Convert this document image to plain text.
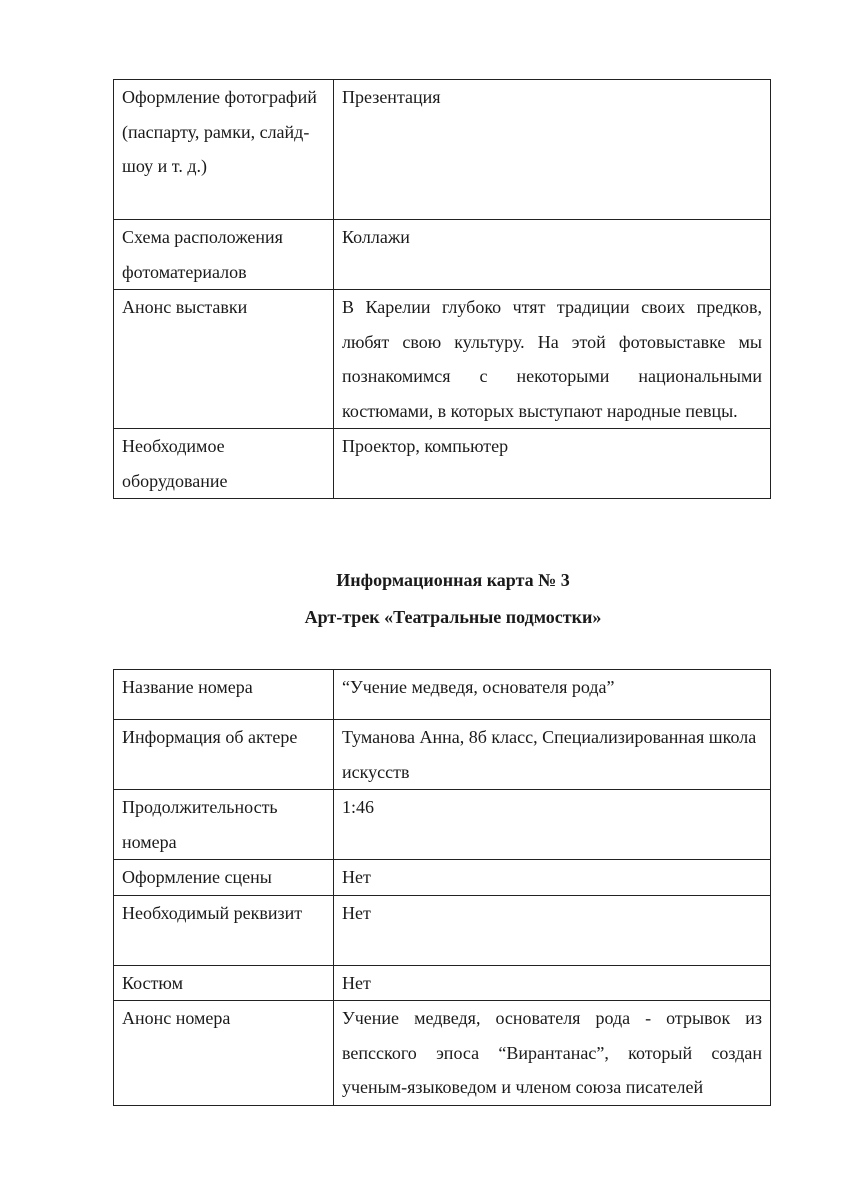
Оформление фотографий (паспарту, рамки, слайд-шоу и т. д.)	Презентация
Схема расположения фотоматериалов	Коллажи
Анонс выставки	В Карелии глубоко чтят традиции своих предков, любят свою культуру. На этой фотовыставке мы познакомимся с некоторыми национальными костюмами, в которых выступают народные певцы.
Необходимое оборудование	Проектор, компьютер
Информационная карта № 3
Арт-трек «Театральные подмостки»
Название номера	“Учение медведя, основателя рода”
Информация об актере	Туманова Анна, 8б класс, Специализированная школа искусств
Продолжительность номера	1:46
Оформление сцены	Нет
Необходимый реквизит	Нет
Костюм	Нет
Анонс номера	Учение медведя, основателя рода - отрывок из вепсского эпоса “Вирантанас”, который создан ученым-языковедом и членом союза писателей
